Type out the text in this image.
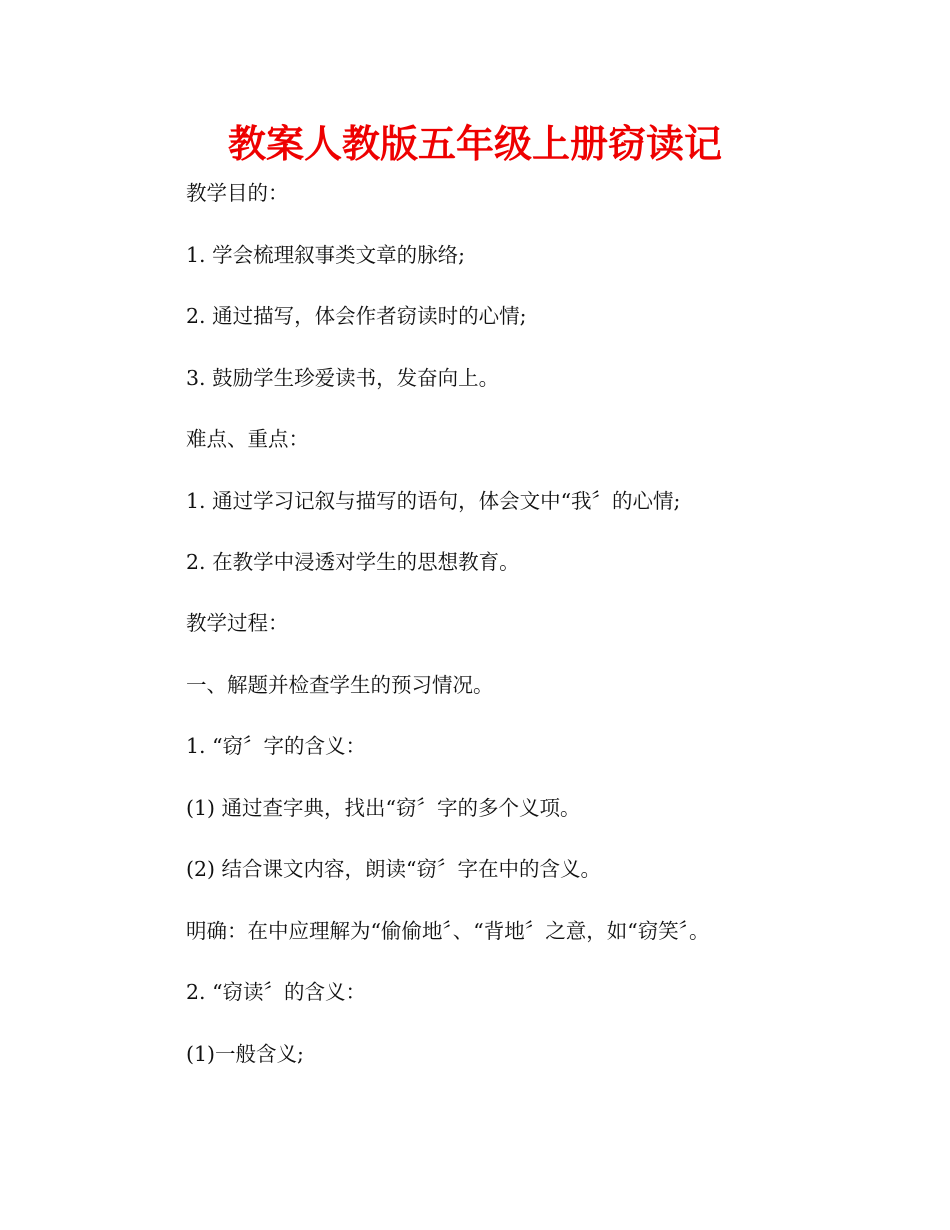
教案人教版五年级上册窃读记
教学目的：
1. 学会梳理叙事类文章的脉络;
2. 通过描写，体会作者窃读时的心情;
3. 鼓励学生珍爱读书，发奋向上。
难点、重点：
1. 通过学习记叙与描写的语句，体会文中“我〞的心情;
2. 在教学中浸透对学生的思想教育。
教学过程：
一、解题并检查学生的预习情况。
1. “窃〞字的含义：
(1) 通过查字典，找出“窃〞字的多个义项。
(2) 结合课文内容，朗读“窃〞字在中的含义。
明确：在中应理解为“偷偷地〞、“背地〞之意，如“窃笑〞。
2. “窃读〞的含义：
(1)一般含义;
